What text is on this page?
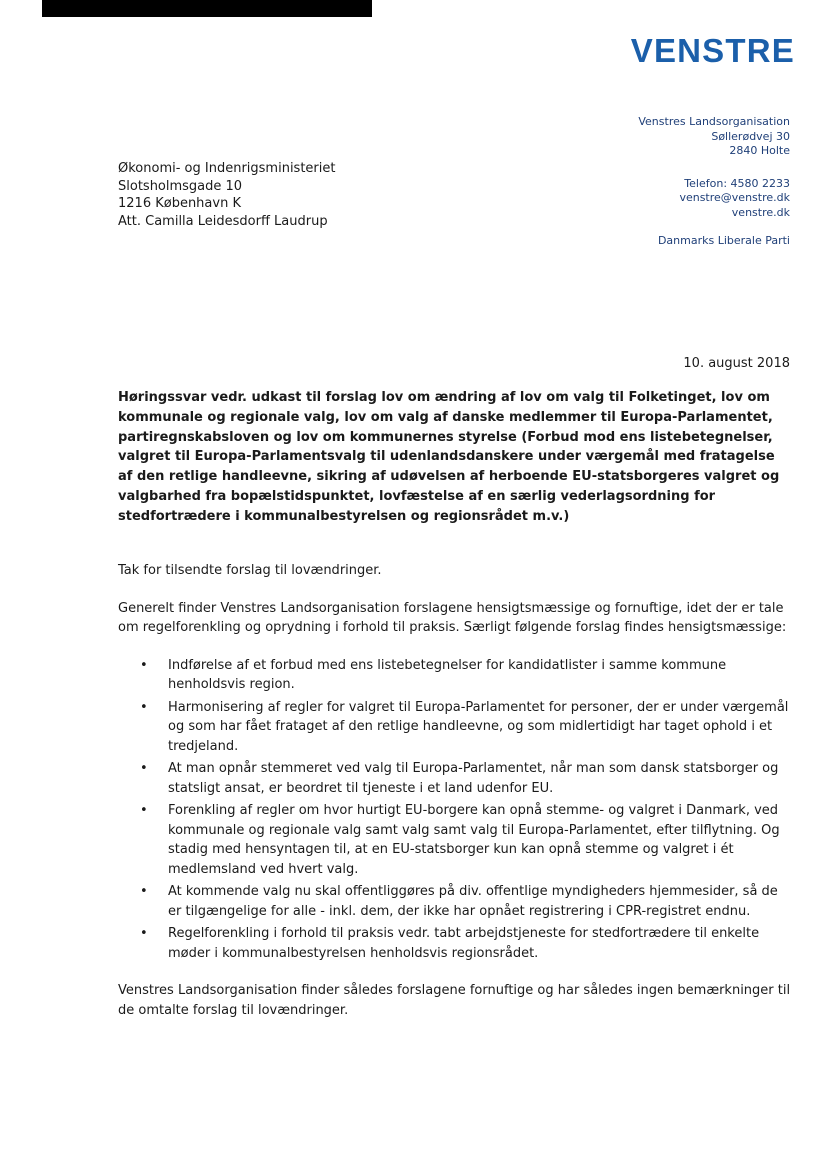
VENSTRE
Venstres Landsorganisation
Søllerødvej 30
2840 Holte
Telefon: 4580 2233
venstre@venstre.dk
venstre.dk
Danmarks Liberale Parti
Økonomi- og Indenrigsministeriet
Slotsholmsgade 10
1216 København K
Att. Camilla Leidesdorff Laudrup
10. august 2018
Høringssvar vedr. udkast til forslag lov om ændring af lov om valg til Folketinget, lov om kommunale og regionale valg, lov om valg af danske medlemmer til Europa-Parlamentet, partiregnskabsloven og lov om kommunernes styrelse (Forbud mod ens listebetegnelser, valgret til Europa-Parlamentsvalg til udenlandsdanskere under værgemål med fratagelse af den retlige handleevne, sikring af udøvelsen af herboende EU-statsborgeres valgret og valgbarhed fra bopælstidspunktet, lovfæstelse af en særlig vederlagsordning for stedfortrædere i kommunalbestyrelsen og regionsrådet m.v.)

Tak for tilsendte forslag til lovændringer.

Generelt finder Venstres Landsorganisation forslagene hensigtsmæssige og fornuftige, idet der er tale om regelforenkling og oprydning i forhold til praksis. Særligt følgende forslag findes hensigtsmæssige:

• Indførelse af et forbud med ens listebetegnelser for kandidatlister i samme kommune henholdsvis region.
• Harmonisering af regler for valgret til Europa-Parlamentet for personer, der er under værgemål og som har fået frataget af den retlige handleevne, og som midlertidigt har taget ophold i et tredjeland.
• At man opnår stemmeret ved valg til Europa-Parlamentet, når man som dansk statsborger og statsligt ansat, er beordret til tjeneste i et land udenfor EU.
• Forenkling af regler om hvor hurtigt EU-borgere kan opnå stemme- og valgret i Danmark, ved kommunale og regionale valg samt valg samt valg til Europa-Parlamentet, efter tilflytning. Og stadig med hensyntagen til, at en EU-statsborger kun kan opnå stemme og valgret i ét medlemsland ved hvert valg.
• At kommende valg nu skal offentliggøres på div. offentlige myndigheders hjemmesider, så de er tilgængelige for alle - inkl. dem, der ikke har opnået registrering i CPR-registret endnu.
• Regelforenkling i forhold til praksis vedr. tabt arbejdstjeneste for stedfortrædere til enkelte møder i kommunalbestyrelsen henholdsvis regionsrådet.

Venstres Landsorganisation finder således forslagene fornuftige og har således ingen bemærkninger til de omtalte forslag til lovændringer.
